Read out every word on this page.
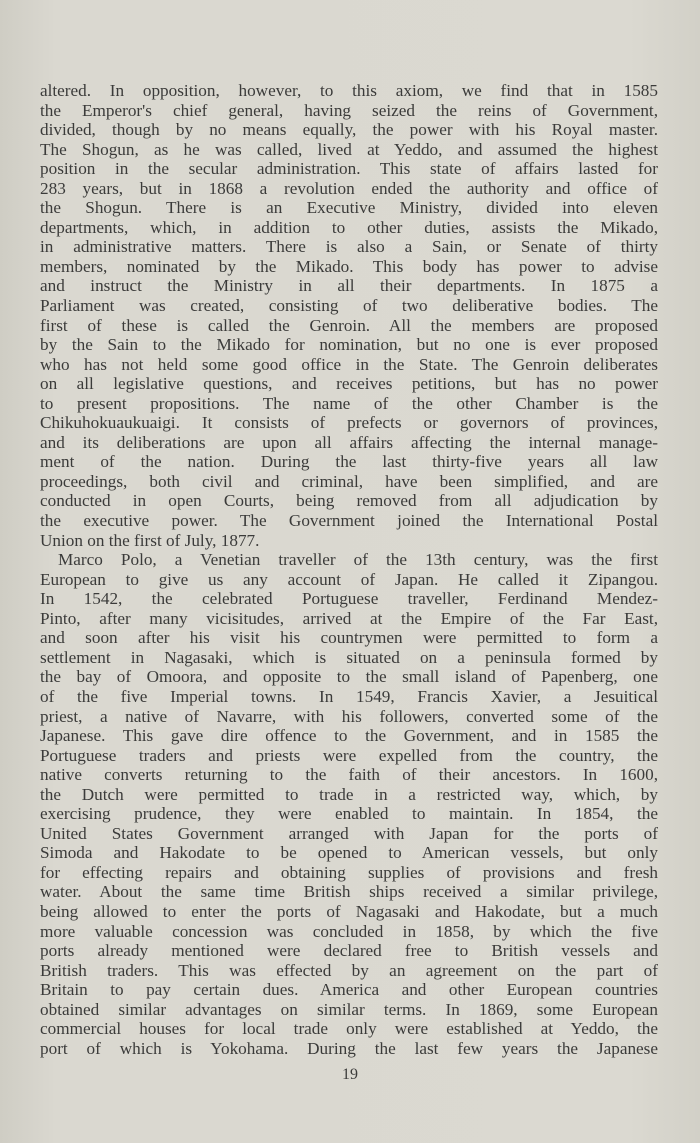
altered. In opposition, however, to this axiom, we find that in 1585
the Emperor's chief general, having seized the reins of Government,
divided, though by no means equally, the power with his Royal master.
The Shogun, as he was called, lived at Yeddo, and assumed the highest
position in the secular administration. This state of affairs lasted for
283 years, but in 1868 a revolution ended the authority and office of
the Shogun. There is an Executive Ministry, divided into eleven
departments, which, in addition to other duties, assists the Mikado,
in administrative matters. There is also a Sain, or Senate of thirty
members, nominated by the Mikado. This body has power to advise
and instruct the Ministry in all their departments. In 1875 a
Parliament was created, consisting of two deliberative bodies. The
first of these is called the Genroin. All the members are proposed
by the Sain to the Mikado for nomination, but no one is ever proposed
who has not held some good office in the State. The Genroin deliberates
on all legislative questions, and receives petitions, but has no power
to present propositions. The name of the other Chamber is the
Chikuhokuaukuaigi. It consists of prefects or governors of provinces,
and its deliberations are upon all affairs affecting the internal manage-
ment of the nation. During the last thirty-five years all law
proceedings, both civil and criminal, have been simplified, and are
conducted in open Courts, being removed from all adjudication by
the executive power. The Government joined the International Postal
Union on the first of July, 1877.
Marco Polo, a Venetian traveller of the 13th century, was the first
European to give us any account of Japan. He called it Zipangou.
In 1542, the celebrated Portuguese traveller, Ferdinand Mendez-
Pinto, after many vicisitudes, arrived at the Empire of the Far East,
and soon after his visit his countrymen were permitted to form a
settlement in Nagasaki, which is situated on a peninsula formed by
the bay of Omoora, and opposite to the small island of Papenberg, one
of the five Imperial towns. In 1549, Francis Xavier, a Jesuitical
priest, a native of Navarre, with his followers, converted some of the
Japanese. This gave dire offence to the Government, and in 1585 the
Portuguese traders and priests were expelled from the country, the
native converts returning to the faith of their ancestors. In 1600,
the Dutch were permitted to trade in a restricted way, which, by
exercising prudence, they were enabled to maintain. In 1854, the
United States Government arranged with Japan for the ports of
Simoda and Hakodate to be opened to American vessels, but only
for effecting repairs and obtaining supplies of provisions and fresh
water. About the same time British ships received a similar privilege,
being allowed to enter the ports of Nagasaki and Hakodate, but a much
more valuable concession was concluded in 1858, by which the five
ports already mentioned were declared free to British vessels and
British traders. This was effected by an agreement on the part of
Britain to pay certain dues. America and other European countries
obtained similar advantages on similar terms. In 1869, some European
commercial houses for local trade only were established at Yeddo, the
port of which is Yokohama. During the last few years the Japanese
19
